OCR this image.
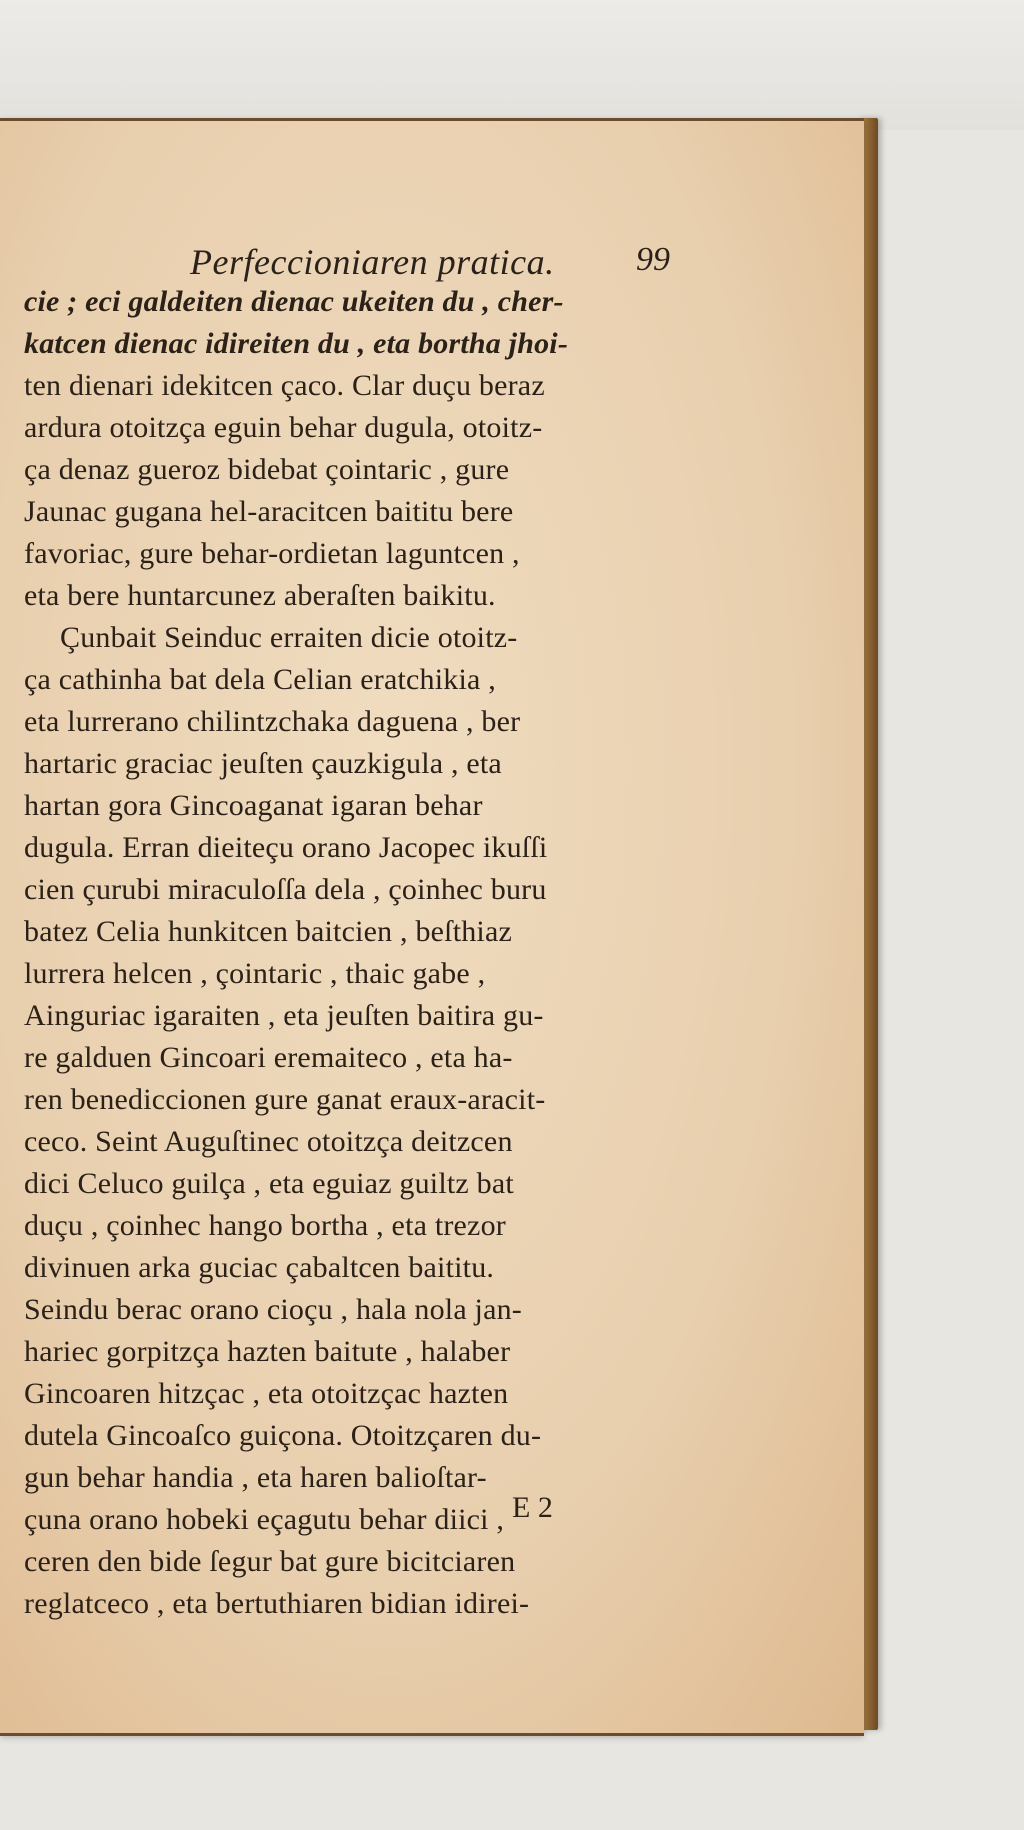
Perfeccioniaren pratica. 99
cie ; eci galdeiten dienac ukeiten du , cher-
katcen dienac idireiten du , eta bortha jhoi-
ten dienari idekitcen çaco. Clar duçu beraz
ardura otoitzça eguin behar dugula, otoitz-
ça denaz gueroz bidebat çointaric , gure
Jaunac gugana hel-aracitcen baititu bere
favoriac, gure behar-ordietan laguntcen ,
eta bere huntarcunez aberaſten baikitu.
Çunbait Seinduc erraiten dicie otoitz-
ça cathinha bat dela Celian eratchikia ,
eta lurrerano chilintzchaka daguena , ber
hartaric graciac jeuſten çauzkigula , eta
hartan gora Gincoaganat igaran behar
dugula. Erran dieiteçu orano Jacopec ikuſſi
cien çurubi miraculoſſa dela , çoinhec buru
batez Celia hunkitcen baitcien , beſthiaz
lurrera helcen , çointaric , thaic gabe ,
Ainguriac igaraiten , eta jeuſten baitira gu-
re galduen Gincoari eremaiteco , eta ha-
ren benediccionen gure ganat eraux-aracit-
ceco. Seint Auguſtinec otoitzça deitzcen
dici Celuco guilça , eta eguiaz guiltz bat
duçu , çoinhec hango bortha , eta trezor
divinuen arka guciac çabaltcen baititu.
Seindu berac orano cioçu , hala nola jan-
hariec gorpitzça hazten baitute , halaber
Gincoaren hitzçac , eta otoitzçac hazten
dutela Gincoaſco guiçona. Otoitzçaren du-
gun behar handia , eta haren balioſtar-
çuna orano hobeki eçagutu behar diici ,
ceren den bide ſegur bat gure bicitciaren
reglatceco , eta bertuthiaren bidian idirei-
E 2
